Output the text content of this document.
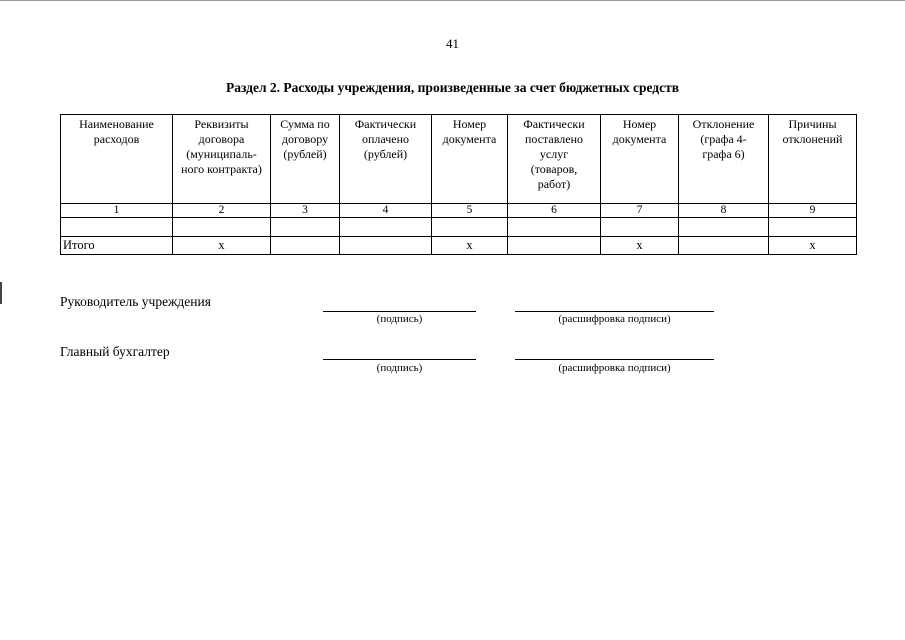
41
Раздел 2. Расходы учреждения, произведенные за счет бюджетных средств
Наименование
расходов	Реквизиты
договора
(муниципаль-
ного контракта)	Сумма по
договору
(рублей)	Фактически
оплачено
(рублей)	Номер
документа	Фактически
поставлено
услуг
(товаров,
работ)	Номер
документа	Отклонение
(графа 4-
графа 6)	Причины
отклонений
1	2	3	4	5	6	7	8	9

Итого	x			x		x		x
Руководитель учреждения
(подпись)	(расшифровка подписи)
Главный бухгалтер
(подпись)	(расшифровка подписи)
